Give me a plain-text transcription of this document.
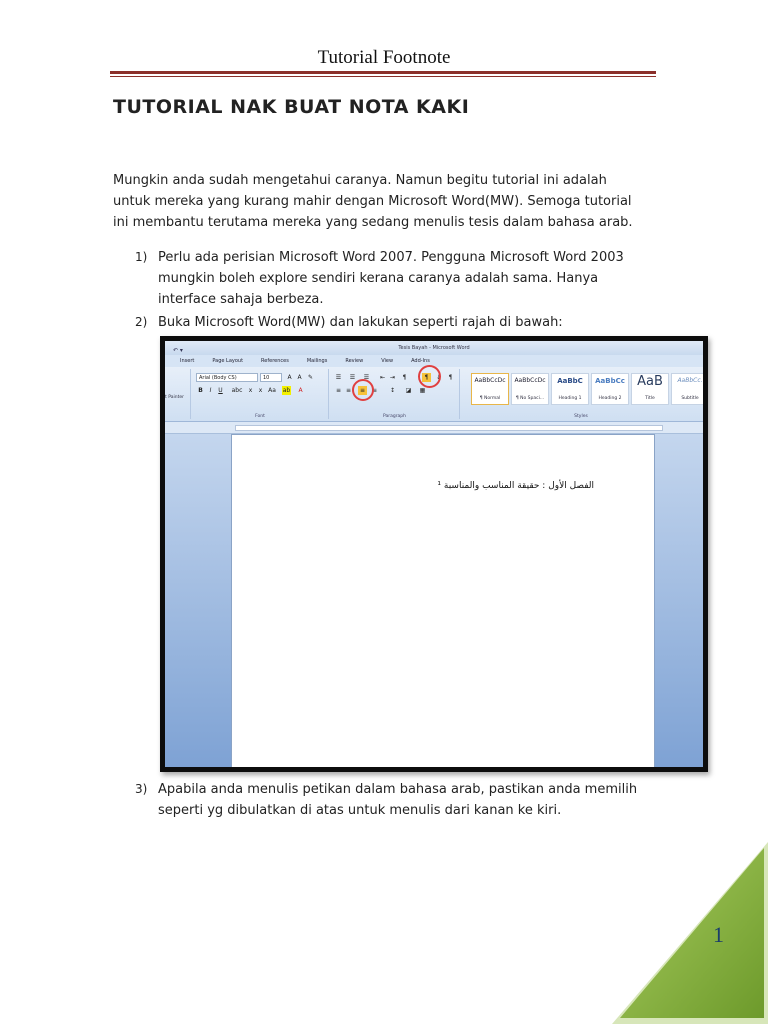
Tutorial Footnote
TUTORIAL NAK BUAT NOTA KAKI
Mungkin anda sudah mengetahui caranya. Namun begitu tutorial ini adalah
untuk mereka yang kurang mahir dengan Microsoft Word(MW). Semoga tutorial
ini membantu terutama mereka yang sedang menulis tesis dalam bahasa arab.
1) Perlu ada perisian Microsoft Word 2007. Pengguna Microsoft Word 2003
mungkin boleh explore sendiri kerana caranya adalah sama. Hanya
interface sahaja berbeza.
2) Buka Microsoft Word(MW) dan lakukan seperti rajah di bawah:
↶ ▾	Tesis Bayah - Microsoft Word
Insert	Page Layout	References	Mailings	Review	View	Add-Ins
t Painter
Arial (Body CS)	10	A A	✎
B	I	U	abc	x	x Aa	ab	A
Font
☰	☰	☰	⇤ ⇥	¶	¶	↓	¶
≡ ≡	≡	≡	↕	◪ ▦
Paragraph
AaBbCcDc
¶ Normal
AaBbCcDc
¶ No Spaci...
AaBbC
Heading 1
AaBbCc
Heading 2
AaB
Title
AaBbCc.
Subtitle
Styles
الفصل الأول : حقيقة المناسب والمناسبة ¹
3) Apabila anda menulis petikan dalam bahasa arab, pastikan anda memilih
seperti yg dibulatkan di atas untuk menulis dari kanan ke kiri.
1
